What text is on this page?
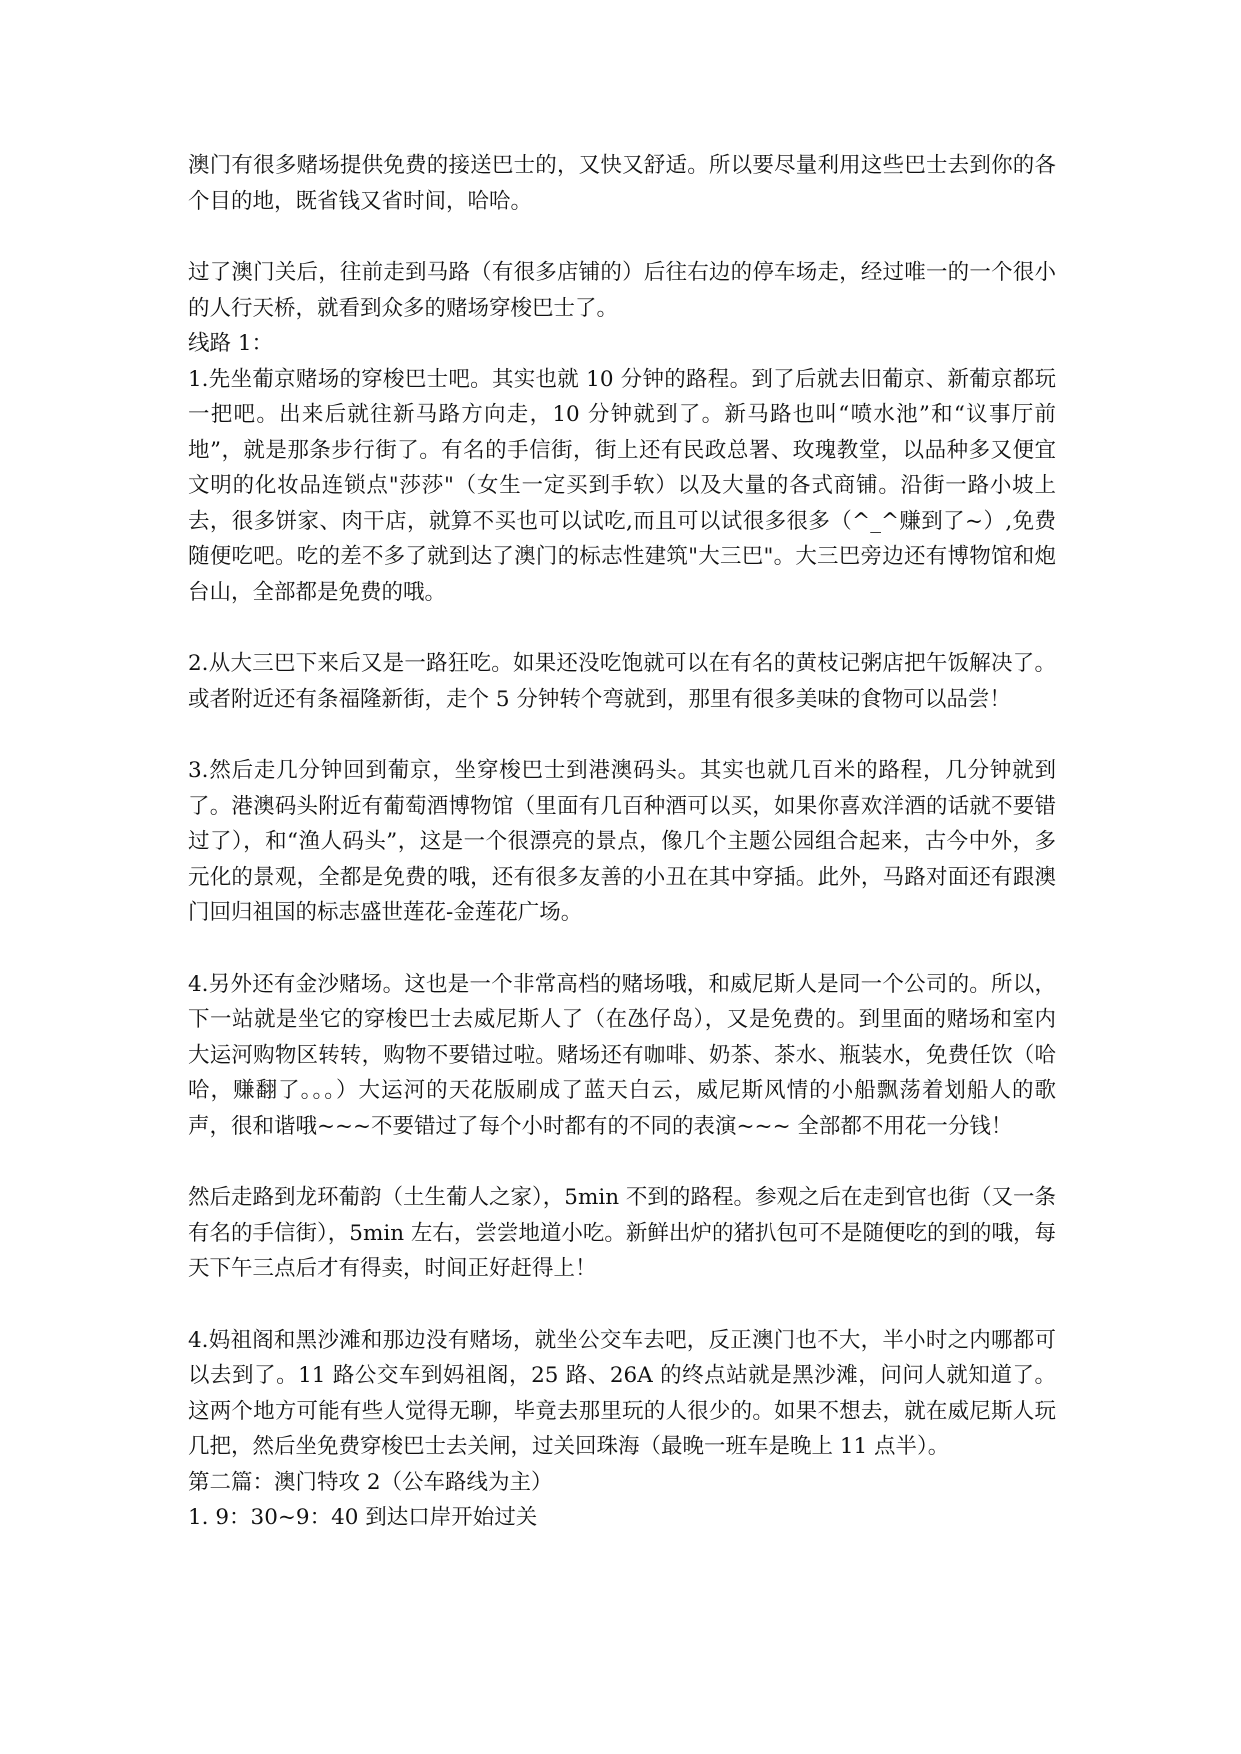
澳门有很多赌场提供免费的接送巴士的，又快又舒适。所以要尽量利用这些巴士去到你的各个目的地，既省钱又省时间，哈哈。

过了澳门关后，往前走到马路（有很多店铺的）后往右边的停车场走，经过唯一的一个很小的人行天桥，就看到众多的赌场穿梭巴士了。

线路 1：

1.先坐葡京赌场的穿梭巴士吧。其实也就 10 分钟的路程。到了后就去旧葡京、新葡京都玩一把吧。出来后就往新马路方向走，10 分钟就到了。新马路也叫“喷水池”和“议事厅前地”，就是那条步行街了。有名的手信街，街上还有民政总署、玫瑰教堂，以品种多又便宜文明的化妆品连锁点"莎莎"（女生一定买到手软）以及大量的各式商铺。沿街一路小坡上去，很多饼家、肉干店，就算不买也可以试吃,而且可以试很多很多（^_^赚到了~）,免费随便吃吧。吃的差不多了就到达了澳门的标志性建筑"大三巴"。大三巴旁边还有博物馆和炮台山，全部都是免费的哦。

2.从大三巴下来后又是一路狂吃。如果还没吃饱就可以在有名的黄枝记粥店把午饭解决了。或者附近还有条福隆新街，走个 5 分钟转个弯就到，那里有很多美味的食物可以品尝！

3.然后走几分钟回到葡京，坐穿梭巴士到港澳码头。其实也就几百米的路程，几分钟就到了。港澳码头附近有葡萄酒博物馆（里面有几百种酒可以买，如果你喜欢洋酒的话就不要错过了），和“渔人码头”，这是一个很漂亮的景点，像几个主题公园组合起来，古今中外，多元化的景观，全都是免费的哦，还有很多友善的小丑在其中穿插。此外，马路对面还有跟澳门回归祖国的标志盛世莲花-金莲花广场。

4.另外还有金沙赌场。这也是一个非常高档的赌场哦，和威尼斯人是同一个公司的。所以，下一站就是坐它的穿梭巴士去威尼斯人了（在氹仔岛），又是免费的。到里面的赌场和室内大运河购物区转转，购物不要错过啦。赌场还有咖啡、奶茶、茶水、瓶装水，免费任饮（哈哈，赚翻了。。。）大运河的天花版刷成了蓝天白云，威尼斯风情的小船飘荡着划船人的歌声，很和谐哦~~~不要错过了每个小时都有的不同的表演~~~ 全部都不用花一分钱！

然后走路到龙环葡韵（土生葡人之家），5min 不到的路程。参观之后在走到官也街（又一条有名的手信街），5min 左右，尝尝地道小吃。新鲜出炉的猪扒包可不是随便吃的到的哦，每天下午三点后才有得卖，时间正好赶得上！

4.妈祖阁和黑沙滩和那边没有赌场，就坐公交车去吧，反正澳门也不大，半小时之内哪都可以去到了。11 路公交车到妈祖阁，25 路、26A 的终点站就是黑沙滩，问问人就知道了。这两个地方可能有些人觉得无聊，毕竟去那里玩的人很少的。如果不想去，就在威尼斯人玩几把，然后坐免费穿梭巴士去关闸，过关回珠海（最晚一班车是晚上 11 点半）。

第二篇：澳门特攻 2（公车路线为主）

1. 9：30~9：40 到达口岸开始过关
